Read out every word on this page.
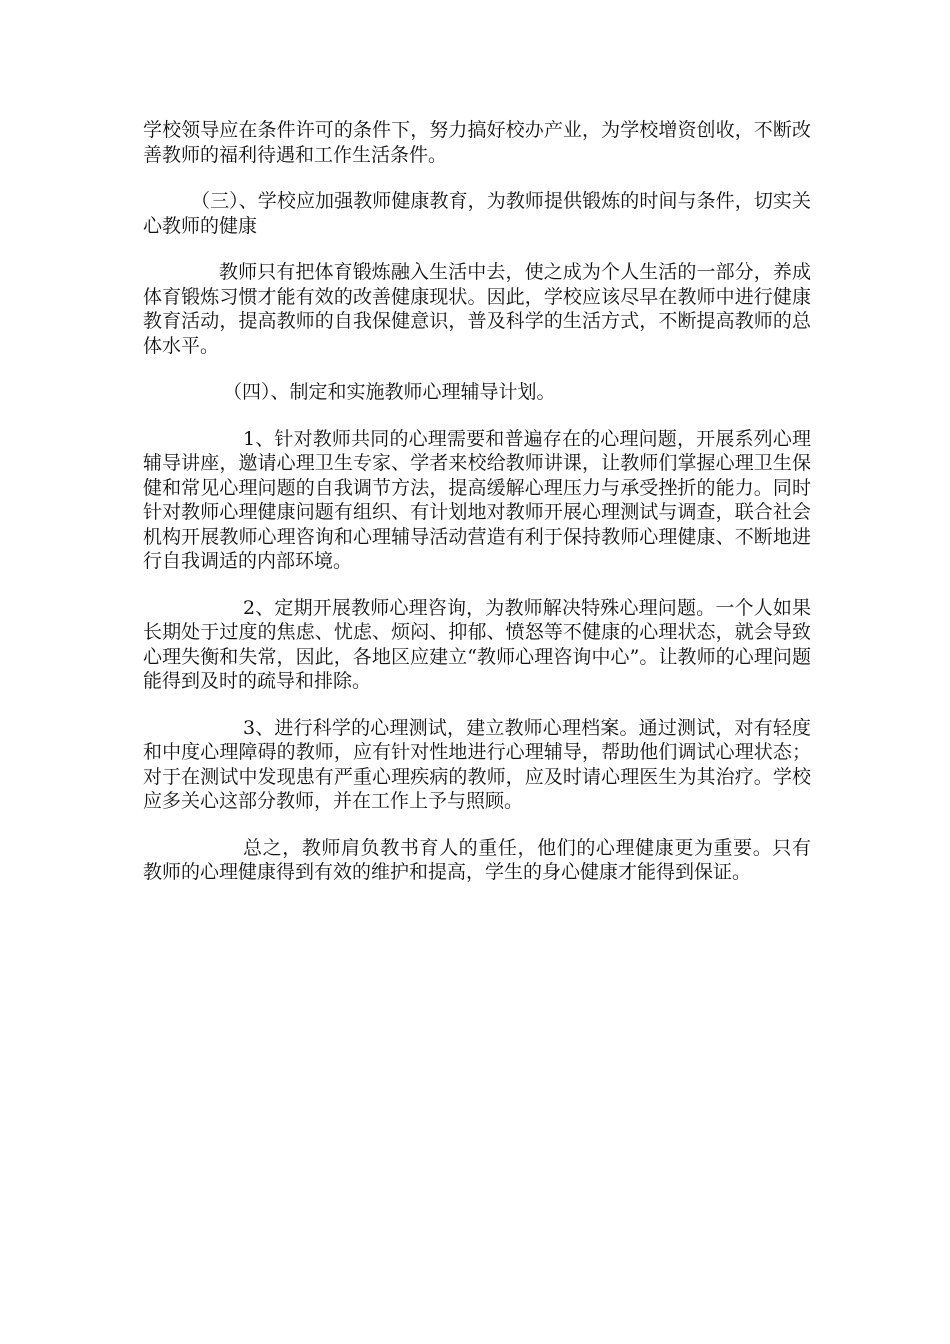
学校领导应在条件许可的条件下，努力搞好校办产业，为学校增资创收，不断改善教师的福利待遇和工作生活条件。

（三）、学校应加强教师健康教育，为教师提供锻炼的时间与条件，切实关心教师的健康

教师只有把体育锻炼融入生活中去，使之成为个人生活的一部分，养成体育锻炼习惯才能有效的改善健康现状。因此，学校应该尽早在教师中进行健康教育活动，提高教师的自我保健意识，普及科学的生活方式，不断提高教师的总体水平。

（四）、制定和实施教师心理辅导计划。

1、针对教师共同的心理需要和普遍存在的心理问题，开展系列心理辅导讲座，邀请心理卫生专家、学者来校给教师讲课，让教师们掌握心理卫生保健和常见心理问题的自我调节方法，提高缓解心理压力与承受挫折的能力。同时针对教师心理健康问题有组织、有计划地对教师开展心理测试与调查，联合社会机构开展教师心理咨询和心理辅导活动营造有利于保持教师心理健康、不断地进行自我调适的内部环境。

2、定期开展教师心理咨询，为教师解决特殊心理问题。一个人如果长期处于过度的焦虑、忧虑、烦闷、抑郁、愤怒等不健康的心理状态，就会导致心理失衡和失常，因此，各地区应建立“教师心理咨询中心”。让教师的心理问题能得到及时的疏导和排除。

3、进行科学的心理测试，建立教师心理档案。通过测试，对有轻度和中度心理障碍的教师，应有针对性地进行心理辅导，帮助他们调试心理状态；对于在测试中发现患有严重心理疾病的教师，应及时请心理医生为其治疗。学校应多关心这部分教师，并在工作上予与照顾。

总之，教师肩负教书育人的重任，他们的心理健康更为重要。只有教师的心理健康得到有效的维护和提高，学生的身心健康才能得到保证。
